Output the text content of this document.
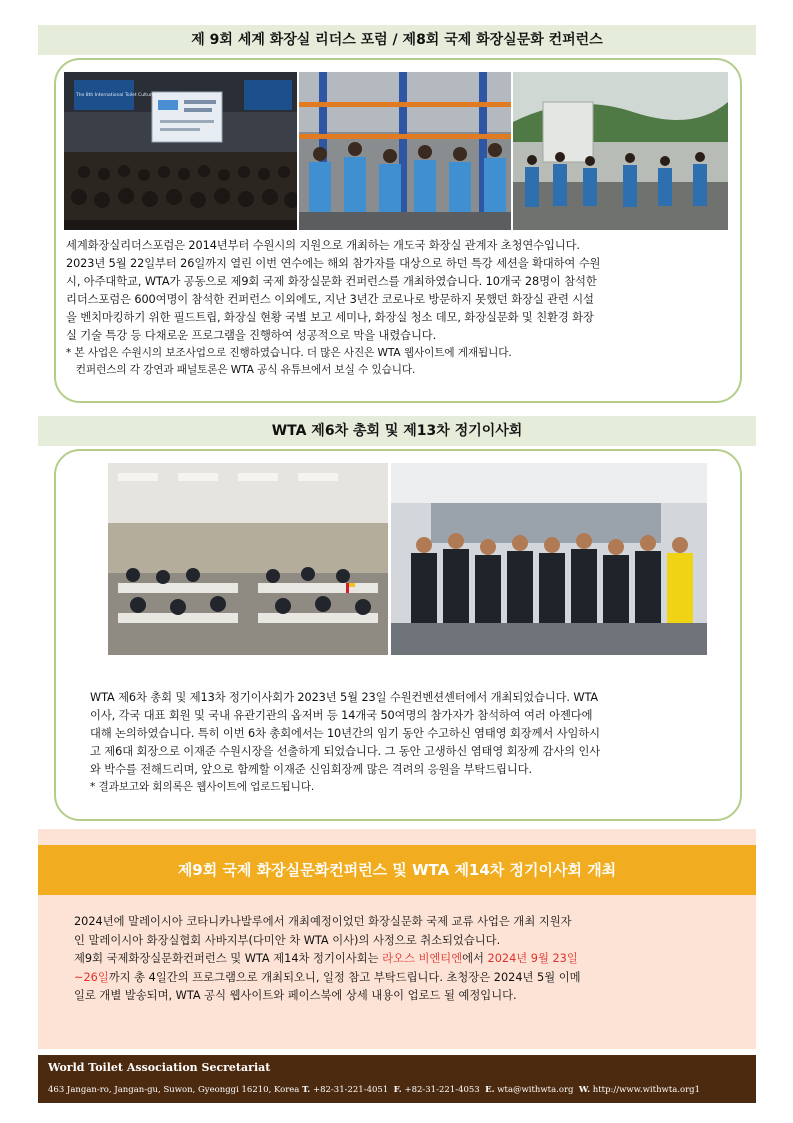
제 9회 세계 화장실 리더스 포럼 / 제8회 국제 화장실문화 컨퍼런스
The 8th International Toilet Culture Conference

세계화장실리더스포럼은 2014년부터 수원시의 지원으로 개최하는 개도국 화장실 관계자 초청연수입니다.

2023년 5월 22일부터 26일까지 열린 이번 연수에는 해외 참가자를 대상으로 하던 특강 세션을 확대하여 수원

시, 아주대학교, WTA가 공동으로 제9회 국제 화장실문화 컨퍼런스를 개최하였습니다. 10개국 28명이 참석한

리더스포럼은 600여명이 참석한 컨퍼런스 이외에도, 지난 3년간 코로나로 방문하지 못했던 화장실 관련 시설

을 벤치마킹하기 위한 필드트립, 화장실 현황 국별 보고 세미나, 화장실 청소 데모, 화장실문화 및 친환경 화장

실 기술 특강 등 다채로운 프로그램을 진행하여 성공적으로 막을 내렸습니다.

* 본 사업은 수원시의 보조사업으로 진행하였습니다. 더 많은 사진은 WTA 웹사이트에 게재됩니다.

컨퍼런스의 각 강연과 패널토론은 WTA 공식 유튜브에서 보실 수 있습니다.

WTA 제6차 총회 및 제13차 정기이사회

WTA 제6차 총회 및 제13차 정기이사회가 2023년 5월 23일 수원컨벤션센터에서 개최되었습니다. WTA

이사, 각국 대표 회원 및 국내 유관기관의 옵저버 등 14개국 50여명의 참가자가 참석하여 여러 아젠다에

대해 논의하였습니다. 특히 이번 6차 총회에서는 10년간의 임기 동안 수고하신 염태영 회장께서 사임하시

고 제6대 회장으로 이재준 수원시장을 선출하게 되었습니다. 그 동안 고생하신 염태영 회장께 감사의 인사

와 박수를 전해드리며, 앞으로 함께할 이재준 신임회장께 많은 격려의 응원을 부탁드립니다.

* 결과보고와 회의록은 웹사이트에 업로드됩니다.

제9회 국제 화장실문화컨퍼런스 및 WTA 제14차 정기이사회 개최
2024년에 말레이시아 코타니카나발루에서 개최예정이었던 화장실문화 국제 교류 사업은 개최 지원자
인 말레이시아 화장실협회 사바지부(다미안 차 WTA 이사)의 사정으로 취소되었습니다.
제9회 국제화장실문화컨퍼런스 및 WTA 제14차 정기이사회는 라오스 비엔티엔에서 2024년 9월 23일
~26일까지 총 4일간의 프로그램으로 개최되오니, 일정 참고 부탁드립니다. 초청장은 2024년 5월 이메
일로 개별 발송되며, WTA 공식 웹사이트와 페이스북에 상세 내용이 업로드 될 예정입니다.
World Toilet Association Secretariat
463 Jangan-ro, Jangan-gu, Suwon, Gyeonggi 16210, Korea T. +82-31-221-4051 F. +82-31-221-4053 E. wta@withwta.org W. http://www.withwta.org1
